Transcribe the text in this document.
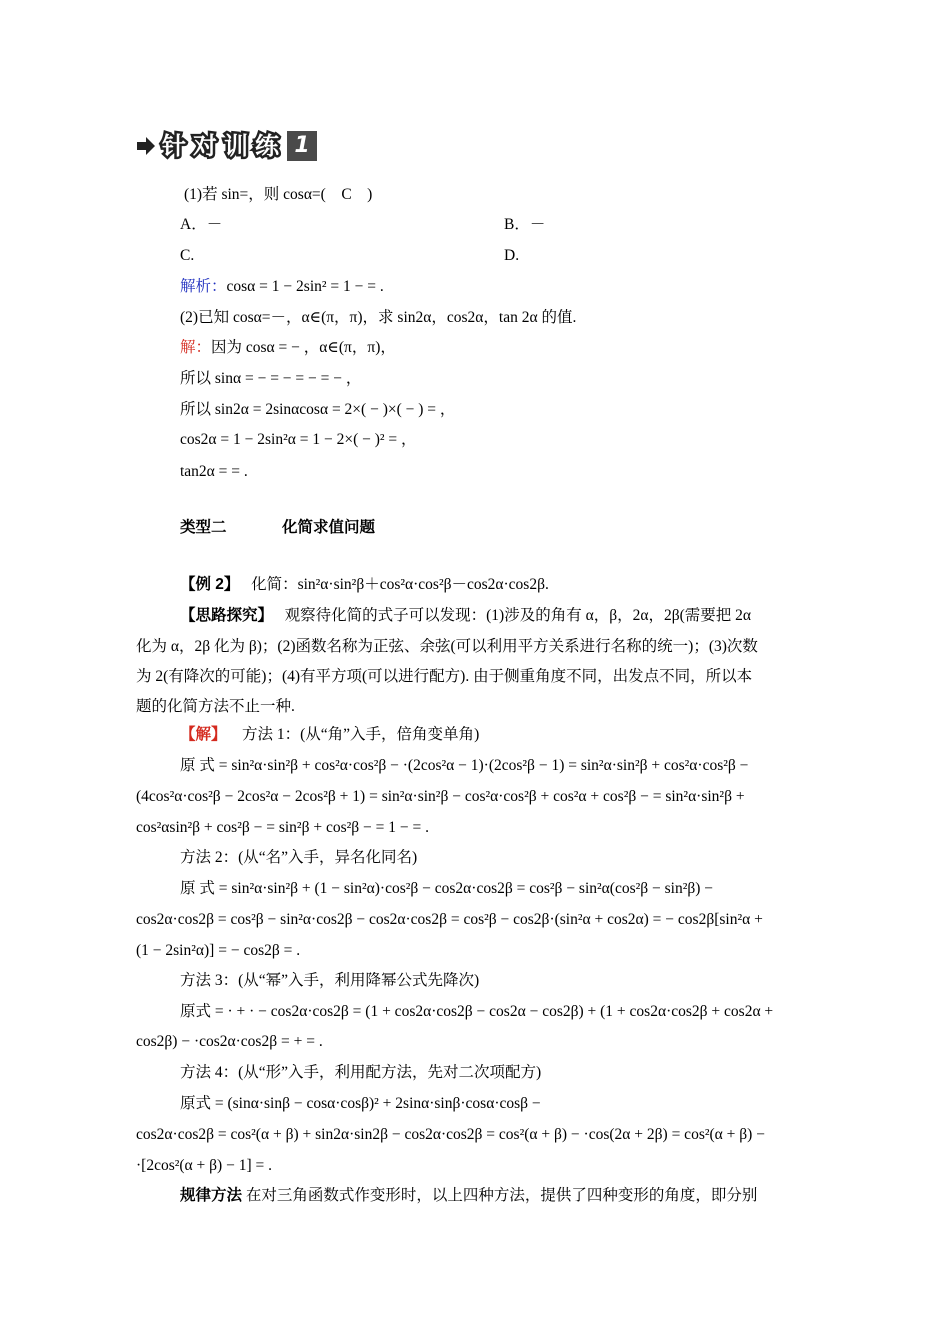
针 对 训 练 1
(1)若 sin=，则 cosα=(　C　)
A．－	B．－
C.	D.
解析：cosα = 1 − 2sin² = 1 − = .
(2)已知 cosα=－，α∈(π，π)，求 sin2α，cos2α，tan 2α 的值.
解：因为 cosα = − ，α∈(π，π)，
所以 sinα = − = − = − = − ，
所以 sin2α = 2sinαcosα = 2×( − )×( − ) = ，
cos2α = 1 − 2sin²α = 1 − 2×( − )² = ，
tan2α = = .
类型二	化简求值问题
【例 2】 化简：sin²α·sin²β＋cos²α·cos²β－cos2α·cos2β.
【思路探究】 观察待化简的式子可以发现：(1)涉及的角有 α，β，2α，2β(需要把 2α
化为 α，2β 化为 β)；(2)函数名称为正弦、余弦(可以利用平方关系进行名称的统一)；(3)次数
为 2(有降次的可能)；(4)有平方项(可以进行配方). 由于侧重角度不同，出发点不同，所以本
题的化简方法不止一种.
【解】 方法 1：(从“角”入手，倍角变单角)
原 式 = sin²α·sin²β + cos²α·cos²β − ·(2cos²α − 1)·(2cos²β − 1) = sin²α·sin²β + cos²α·cos²β −
(4cos²α·cos²β − 2cos²α − 2cos²β + 1) = sin²α·sin²β − cos²α·cos²β + cos²α + cos²β − = sin²α·sin²β +
cos²αsin²β + cos²β − = sin²β + cos²β − = 1 − = .
方法 2：(从“名”入手，异名化同名)
原 式 = sin²α·sin²β + (1 − sin²α)·cos²β − cos2α·cos2β = cos²β − sin²α(cos²β − sin²β) −
cos2α·cos2β = cos²β − sin²α·cos2β − cos2α·cos2β = cos²β − cos2β·(sin²α + cos2α) = − cos2β[sin²α +
(1 − 2sin²α)] = − cos2β = .
方法 3：(从“幂”入手，利用降幂公式先降次)
原式 = · + · − cos2α·cos2β = (1 + cos2α·cos2β − cos2α − cos2β) + (1 + cos2α·cos2β + cos2α +
cos2β) − ·cos2α·cos2β = + = .
方法 4：(从“形”入手，利用配方法，先对二次项配方)
原式 = (sinα·sinβ − cosα·cosβ)² + 2sinα·sinβ·cosα·cosβ −
cos2α·cos2β = cos²(α + β) + sin2α·sin2β − cos2α·cos2β = cos²(α + β) − ·cos(2α + 2β) = cos²(α + β) −
·[2cos²(α + β) − 1] = .
规律方法 在对三角函数式作变形时，以上四种方法，提供了四种变形的角度，即分别
